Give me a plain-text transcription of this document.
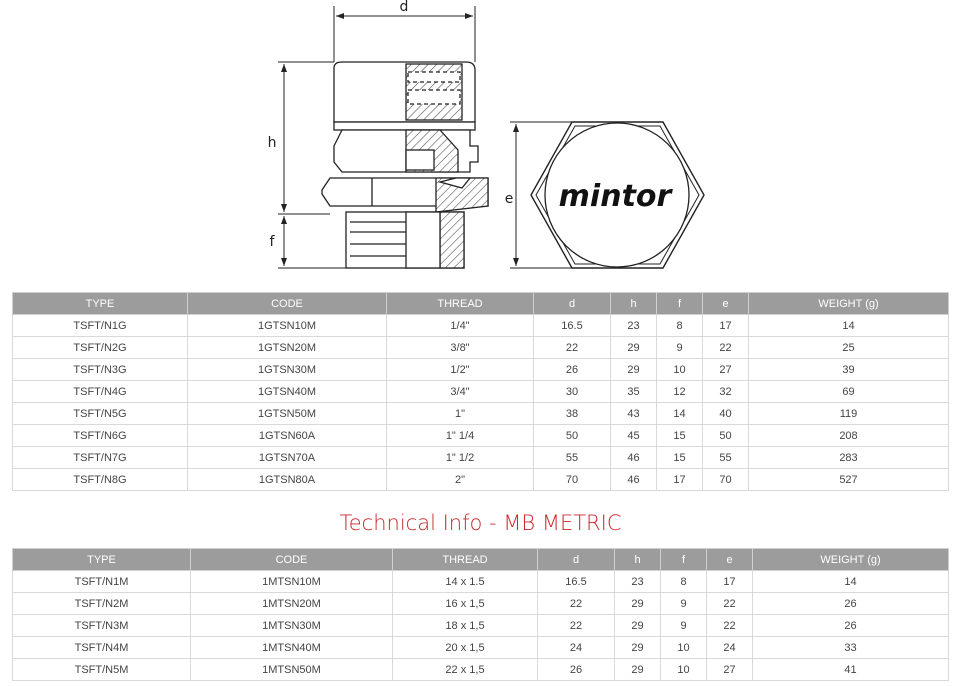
d
h
f
e mintor
TYPE	CODE	THREAD	d	h	f	e	WEIGHT (g)
TSFT/N1G	1GTSN10M	1/4"	16.5	23	8	17	14
TSFT/N2G	1GTSN20M	3/8"	22	29	9	22	25
TSFT/N3G	1GTSN30M	1/2"	26	29	10	27	39
TSFT/N4G	1GTSN40M	3/4"	30	35	12	32	69
TSFT/N5G	1GTSN50M	1"	38	43	14	40	119
TSFT/N6G	1GTSN60A	1" 1/4	50	45	15	50	208
TSFT/N7G	1GTSN70A	1" 1/2	55	46	15	55	283
TSFT/N8G	1GTSN80A	2"	70	46	17	70	527
Technical Info - MB METRIC
TYPE	CODE	THREAD	d	h	f	e	WEIGHT (g)
TSFT/N1M	1MTSN10M	14 x 1.5	16.5	23	8	17	14
TSFT/N2M	1MTSN20M	16 x 1,5	22	29	9	22	26
TSFT/N3M	1MTSN30M	18 x 1,5	22	29	9	22	26
TSFT/N4M	1MTSN40M	20 x 1,5	24	29	10	24	33
TSFT/N5M	1MTSN50M	22 x 1,5	26	29	10	27	41
